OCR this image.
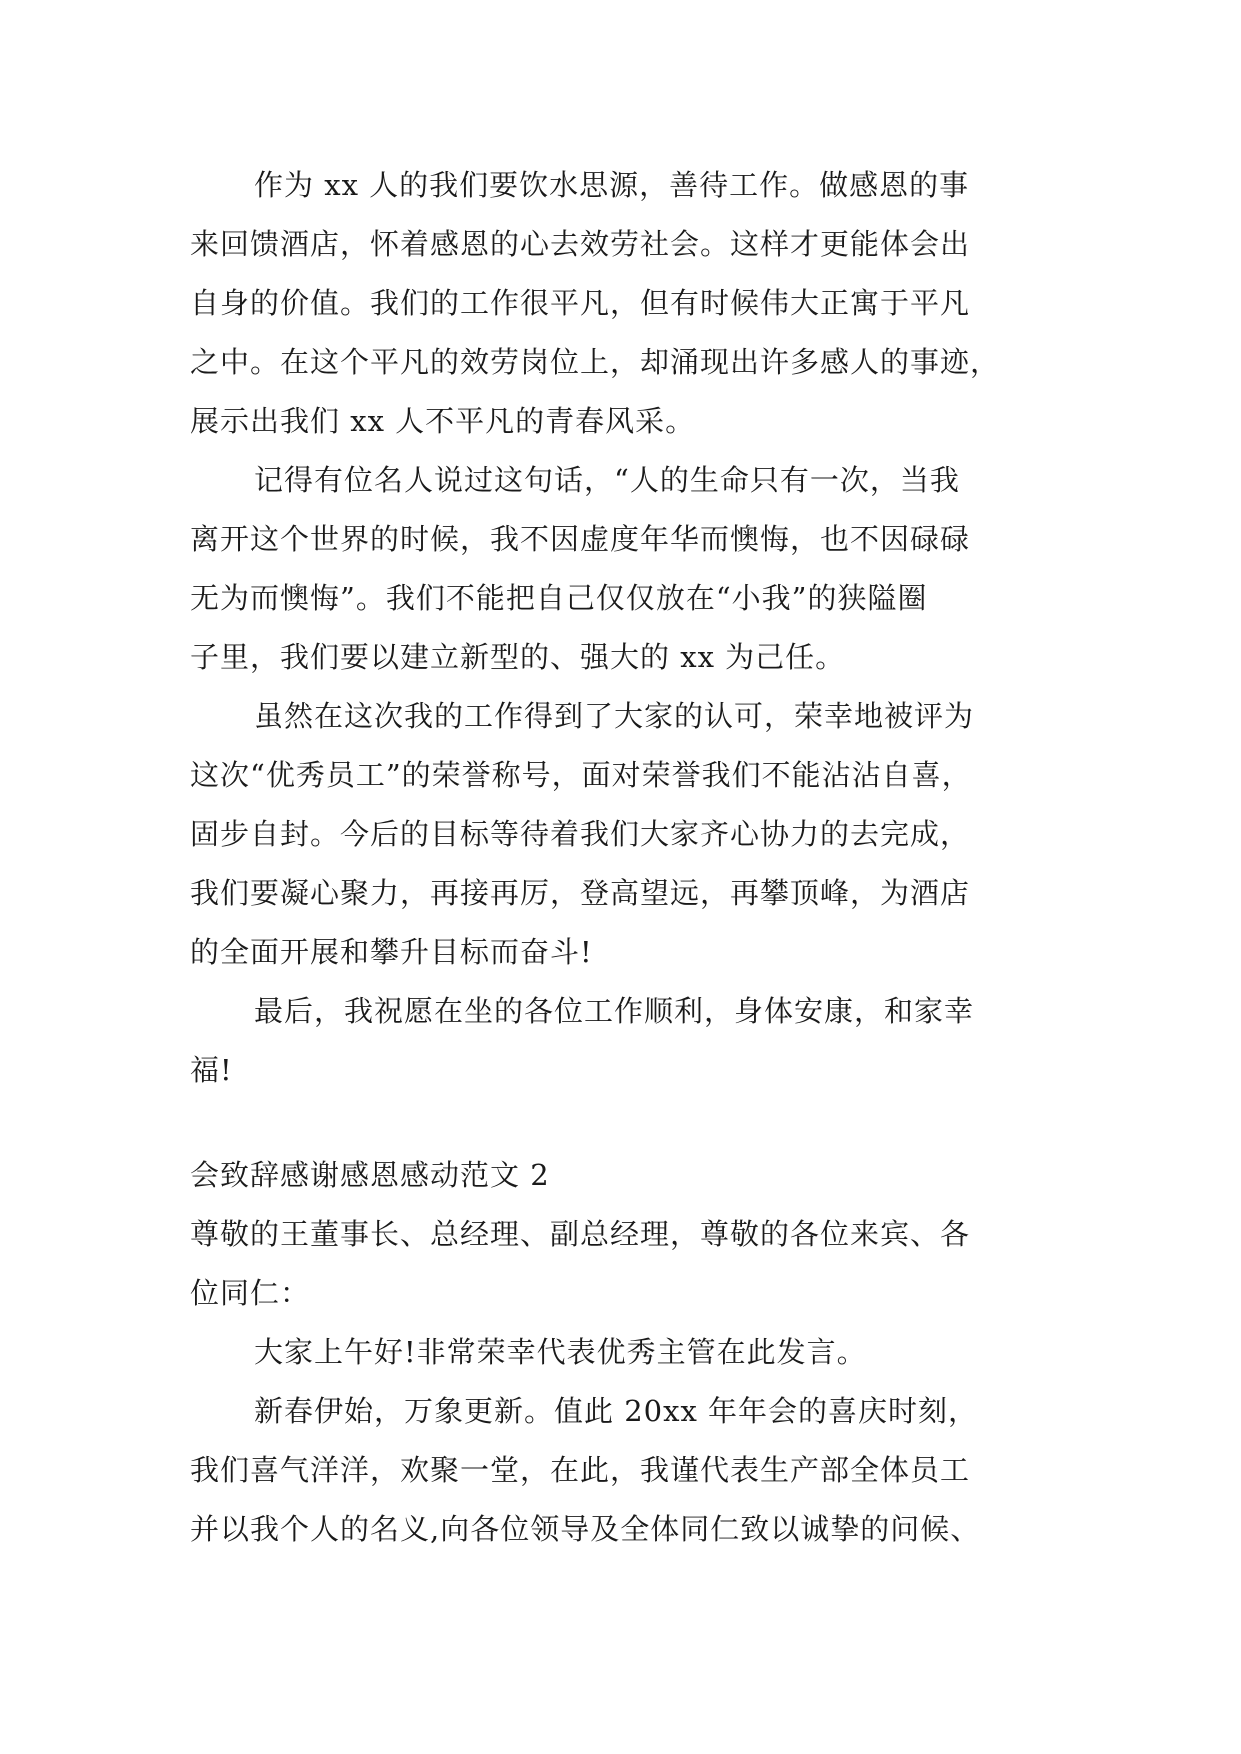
作为 xx 人的我们要饮水思源，善待工作。做感恩的事
来回馈酒店，怀着感恩的心去效劳社会。这样才更能体会出
自身的价值。我们的工作很平凡，但有时候伟大正寓于平凡
之中。在这个平凡的效劳岗位上，却涌现出许多感人的事迹，
展示出我们 xx 人不平凡的青春风采。
记得有位名人说过这句话，“人的生命只有一次，当我
离开这个世界的时候，我不因虚度年华而懊悔，也不因碌碌
无为而懊悔”。我们不能把自己仅仅放在“小我”的狭隘圈
子里，我们要以建立新型的、强大的 xx 为己任。
虽然在这次我的工作得到了大家的认可，荣幸地被评为
这次“优秀员工”的荣誉称号，面对荣誉我们不能沾沾自喜，
固步自封。今后的目标等待着我们大家齐心协力的去完成，
我们要凝心聚力，再接再厉，登高望远，再攀顶峰，为酒店
的全面开展和攀升目标而奋斗!
最后，我祝愿在坐的各位工作顺利，身体安康，和家幸
福!
会致辞感谢感恩感动范文 2
尊敬的王董事长、总经理、副总经理，尊敬的各位来宾、各
位同仁：
大家上午好!非常荣幸代表优秀主管在此发言。
新春伊始，万象更新。值此 20xx 年年会的喜庆时刻，
我们喜气洋洋，欢聚一堂，在此，我谨代表生产部全体员工
并以我个人的名义,向各位领导及全体同仁致以诚挚的问候、
